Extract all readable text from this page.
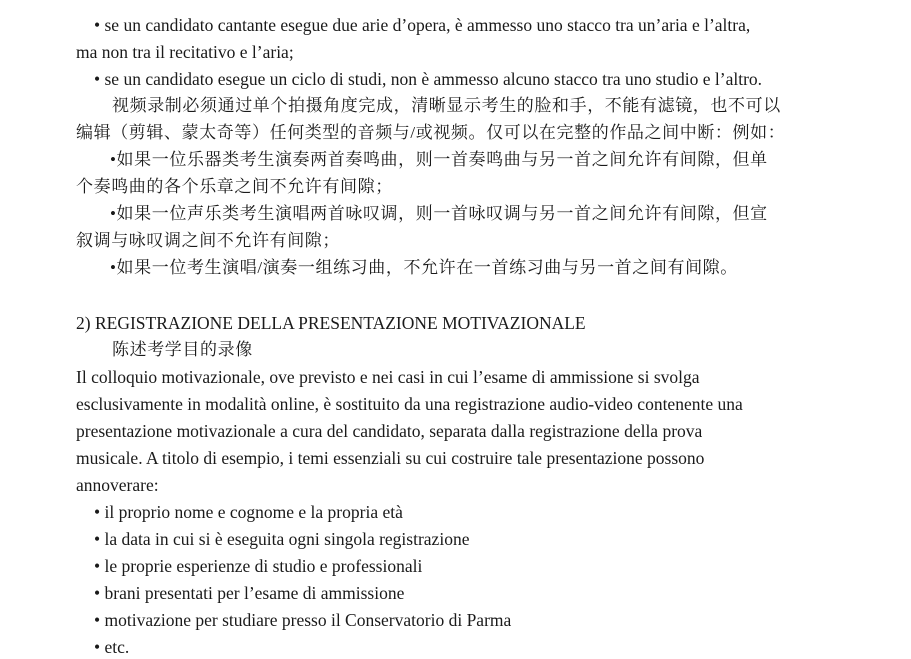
• se un candidato cantante esegue due arie d’opera, è ammesso uno stacco tra un’aria e l’altra,
ma non tra il recitativo e l’aria;
• se un candidato esegue un ciclo di studi, non è ammesso alcuno stacco tra uno studio e l’altro.
视频录制必须通过单个拍摄角度完成，清晰显示考生的脸和手，不能有滤镜，也不可以
编辑（剪辑、蒙太奇等）任何类型的音频与/或视频。仅可以在完整的作品之间中断：例如：
•如果一位乐器类考生演奏两首奏鸣曲，则一首奏鸣曲与另一首之间允许有间隙，但单
个奏鸣曲的各个乐章之间不允许有间隙；
•如果一位声乐类考生演唱两首咏叹调，则一首咏叹调与另一首之间允许有间隙，但宣
叙调与咏叹调之间不允许有间隙；
•如果一位考生演唱/演奏一组练习曲，不允许在一首练习曲与另一首之间有间隙。
2) REGISTRAZIONE DELLA PRESENTAZIONE MOTIVAZIONALE
陈述考学目的录像
Il colloquio motivazionale, ove previsto e nei casi in cui l’esame di ammissione si svolga
esclusivamente in modalità online, è sostituito da una registrazione audio-video contenente una
presentazione motivazionale a cura del candidato, separata dalla registrazione della prova
musicale. A titolo di esempio, i temi essenziali su cui costruire tale presentazione possono
annoverare:
• il proprio nome e cognome e la propria età
• la data in cui si è eseguita ogni singola registrazione
• le proprie esperienze di studio e professionali
• brani presentati per l’esame di ammissione
• motivazione per studiare presso il Conservatorio di Parma
• etc.
